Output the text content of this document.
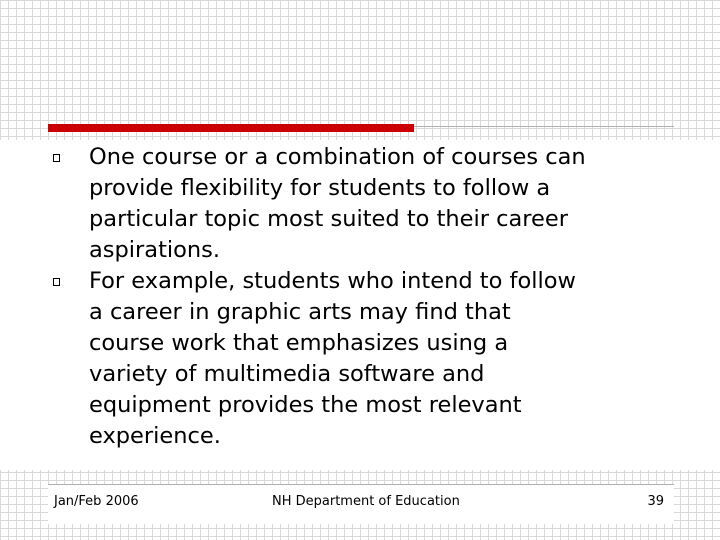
One course or a combination of courses can
provide flexibility for students to follow a
particular topic most suited to their career
aspirations.
For example, students who intend to follow
a career in graphic arts may find that
course work that emphasizes using a
variety of multimedia software and
equipment provides the most relevant
experience.
Jan/Feb 2006	NH Department of Education	39
